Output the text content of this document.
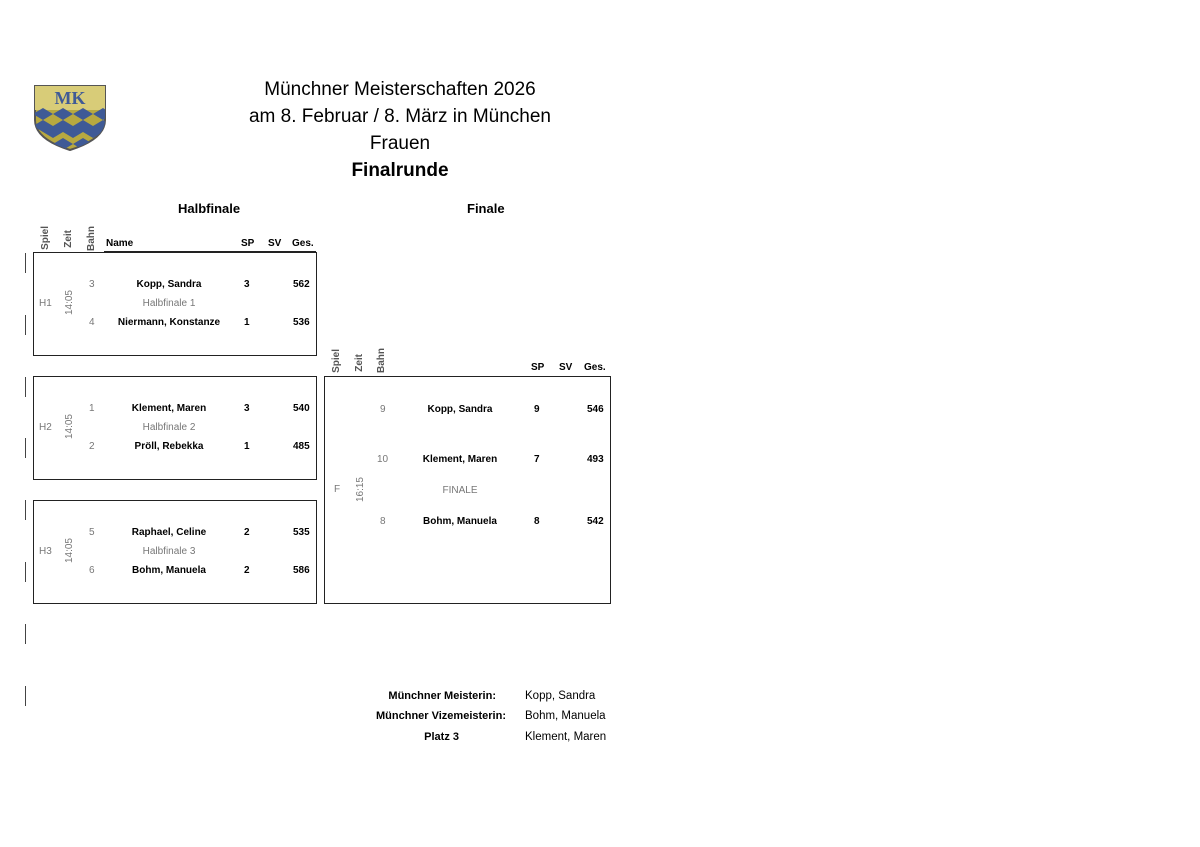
MK	Münchner Meisterschaften 2026
am 8. Februar / 8. März in München
Frauen
Finalrunde
Halbfinale	Finale
Spiel Zeit Bahn Name	SP SV Ges.
H1 14:05
3	Kopp, Sandra	3	562
Halbfinale 1
4	Niermann, Konstanze	1	536
H2 14:05
1	Klement, Maren	3	540
Halbfinale 2
2	Pröll, Rebekka	1	485
H3 14:05
5	Raphael, Celine	2	535
Halbfinale 3
6	Bohm, Manuela	2	586
Spiel Zeit Bahn	SP SV Ges.
F 16:15
9	Kopp, Sandra	9	546
10	Klement, Maren	7	493
FINALE
8	Bohm, Manuela	8	542
Münchner Meisterin:	Kopp, Sandra
Münchner Vizemeisterin: Bohm, Manuela
Platz 3	Klement, Maren
